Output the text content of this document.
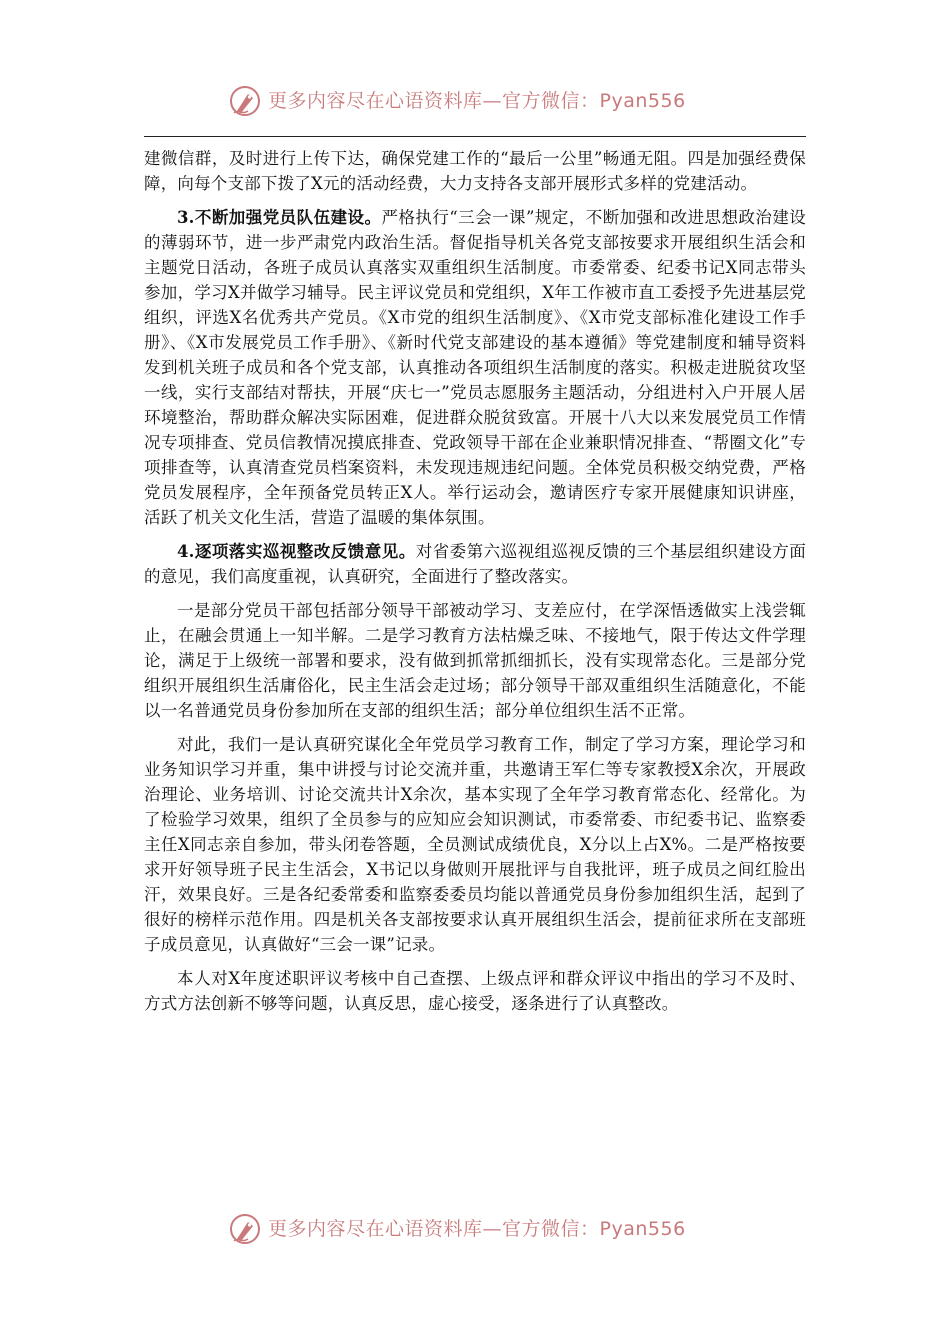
更多内容尽在心语资料库—官方微信：Pyan556

建微信群，及时进行上传下达，确保党建工作的“最后一公里”畅通无阻。四是加强经费保障，向每个支部下拨了X元的活动经费，大力支持各支部开展形式多样的党建活动。

3.不断加强党员队伍建设。严格执行“三会一课”规定，不断加强和改进思想政治建设的薄弱环节，进一步严肃党内政治生活。督促指导机关各党支部按要求开展组织生活会和主题党日活动，各班子成员认真落实双重组织生活制度。市委常委、纪委书记X同志带头参加，学习X并做学习辅导。民主评议党员和党组织，X年工作被市直工委授予先进基层党组织，评选X名优秀共产党员。《X市党的组织生活制度》、《X市党支部标准化建设工作手册》、《X市发展党员工作手册》、《新时代党支部建设的基本遵循》等党建制度和辅导资料发到机关班子成员和各个党支部，认真推动各项组织生活制度的落实。积极走进脱贫攻坚一线，实行支部结对帮扶，开展“庆七一”党员志愿服务主题活动，分组进村入户开展人居环境整治，帮助群众解决实际困难，促进群众脱贫致富。开展十八大以来发展党员工作情况专项排查、党员信教情况摸底排查、党政领导干部在企业兼职情况排查、“帮圈文化”专项排查等，认真清查党员档案资料，未发现违规违纪问题。全体党员积极交纳党费，严格党员发展程序，全年预备党员转正X人。举行运动会，邀请医疗专家开展健康知识讲座，活跃了机关文化生活，营造了温暖的集体氛围。

4.逐项落实巡视整改反馈意见。对省委第六巡视组巡视反馈的三个基层组织建设方面的意见，我们高度重视，认真研究，全面进行了整改落实。

一是部分党员干部包括部分领导干部被动学习、支差应付，在学深悟透做实上浅尝辄止，在融会贯通上一知半解。二是学习教育方法枯燥乏味、不接地气，限于传达文件学理论，满足于上级统一部署和要求，没有做到抓常抓细抓长，没有实现常态化。三是部分党组织开展组织生活庸俗化，民主生活会走过场；部分领导干部双重组织生活随意化，不能以一名普通党员身份参加所在支部的组织生活；部分单位组织生活不正常。

对此，我们一是认真研究谋化全年党员学习教育工作，制定了学习方案，理论学习和业务知识学习并重，集中讲授与讨论交流并重，共邀请王军仁等专家教授X余次，开展政治理论、业务培训、讨论交流共计X余次，基本实现了全年学习教育常态化、经常化。为了检验学习效果，组织了全员参与的应知应会知识测试，市委常委、市纪委书记、监察委主任X同志亲自参加，带头闭卷答题，全员测试成绩优良，X分以上占X%。二是严格按要求开好领导班子民主生活会，X书记以身做则开展批评与自我批评，班子成员之间红脸出汗，效果良好。三是各纪委常委和监察委委员均能以普通党员身份参加组织生活，起到了很好的榜样示范作用。四是机关各支部按要求认真开展组织生活会，提前征求所在支部班子成员意见，认真做好“三会一课”记录。

本人对X年度述职评议考核中自己查摆、上级点评和群众评议中指出的学习不及时、方式方法创新不够等问题，认真反思，虚心接受，逐条进行了认真整改。

更多内容尽在心语资料库—官方微信：Pyan556
